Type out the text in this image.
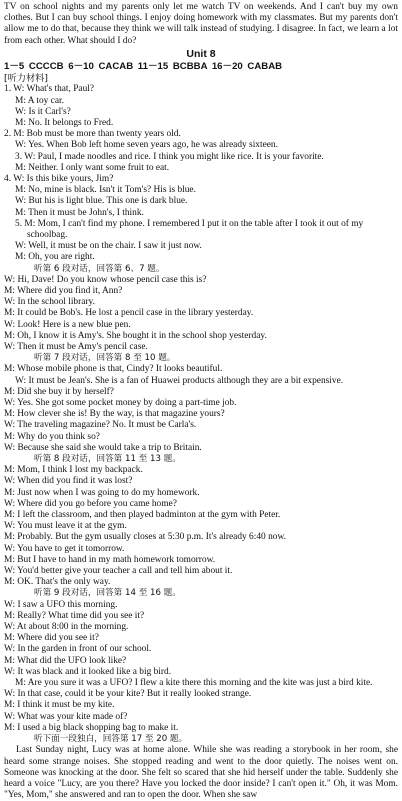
TV on school nights and my parents only let me watch TV on weekends. And I can't buy my own clothes. But I can buy school things. I enjoy doing homework with my classmates. But my parents don't allow me to do that, because they think we will talk instead of studying. I disagree. In fact, we learn a lot from each other. What should I do?

Unit 8

1－5 CCCCB 6－10 CACAB 11－15 BCBBA 16－20 CABAB

[听力材料]

1. W: What's that, Paul?

M: A toy car.

W: Is it Carl's?

M: No. It belongs to Fred.

2. M: Bob must be more than twenty years old.

W: Yes. When Bob left home seven years ago, he was already sixteen.

3. W: Paul, I made noodles and rice. I think you might like rice. It is your favorite.

M: Neither. I only want some fruit to eat.

4. W: Is this bike yours, Jim?

M: No, mine is black. Isn't it Tom's? His is blue.

W: But his is light blue. This one is dark blue.

M: Then it must be John's, I think.

5. M: Mom, I can't find my phone. I remembered I put it on the table after I took it out of my schoolbag.

W: Well, it must be on the chair. I saw it just now.

M: Oh, you are right.

听第 6 段对话，回答第 6、7 题。

W: Hi, Dave! Do you know whose pencil case this is?

M: Where did you find it, Ann?

W: In the school library.

M: It could be Bob's. He lost a pencil case in the library yesterday.

W: Look! Here is a new blue pen.

M: Oh, I know it is Amy's. She bought it in the school shop yesterday.

W: Then it must be Amy's pencil case.

听第 7 段对话，回答第 8 至 10 题。

M: Whose mobile phone is that, Cindy? It looks beautiful.

W: It must be Jean's. She is a fan of Huawei products although they are a bit expensive.

M: Did she buy it by herself?

W: Yes. She got some pocket money by doing a part-time job.

M: How clever she is! By the way, is that magazine yours?

W: The traveling magazine? No. It must be Carla's.

M: Why do you think so?

W: Because she said she would take a trip to Britain.

听第 8 段对话，回答第 11 至 13 题。

M: Mom, I think I lost my backpack.

W: When did you find it was lost?

M: Just now when I was going to do my homework.

W: Where did you go before you came home?

M: I left the classroom, and then played badminton at the gym with Peter.

W: You must leave it at the gym.

M: Probably. But the gym usually closes at 5:30 p.m. It's already 6:40 now.

W: You have to get it tomorrow.

M: But I have to hand in my math homework tomorrow.

W: You'd better give your teacher a call and tell him about it.

M: OK. That's the only way.

听第 9 段对话，回答第 14 至 16 题。

W: I saw a UFO this morning.

M: Really? What time did you see it?

W: At about 8:00 in the morning.

M: Where did you see it?

W: In the garden in front of our school.

M: What did the UFO look like?

W: It was black and it looked like a big bird.

M: Are you sure it was a UFO? I flew a kite there this morning and the kite was just a bird kite.

W: In that case, could it be your kite? But it really looked strange.

M: I think it must be my kite.

W: What was your kite made of?

M: I used a big black shopping bag to make it.

听下面一段独白，回答第 17 至 20 题。

Last Sunday night, Lucy was at home alone. While she was reading a storybook in her room, she heard some strange noises. She stopped reading and went to the door quietly. The noises went on. Someone was knocking at the door. She felt so scared that she hid herself under the table. Suddenly she heard a voice "Lucy, are you there? Have you locked the door inside? I can't open it." Oh, it was Mom. "Yes, Mom," she answered and ran to open the door. When she saw
